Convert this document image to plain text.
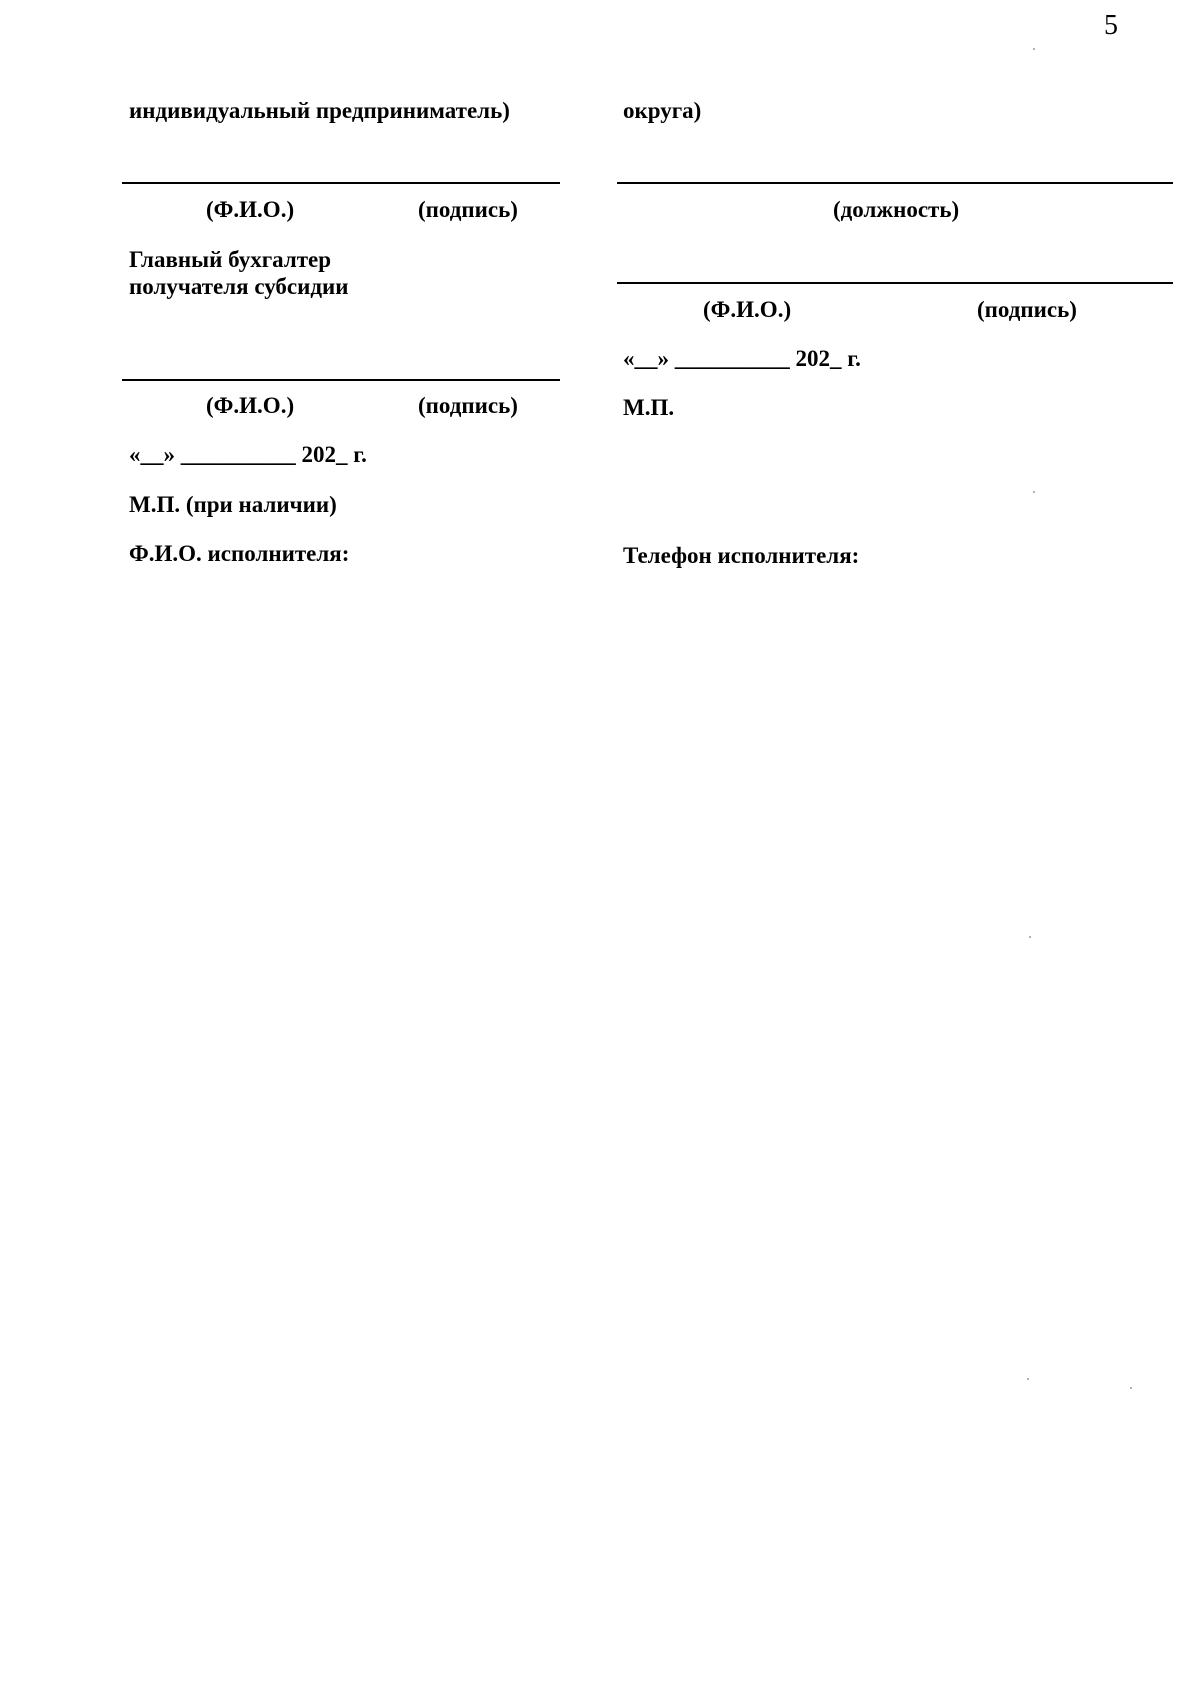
5
индивидуальный предприниматель)
(Ф.И.О.)	(подпись)
Главный бухгалтер
получателя субсидии
(Ф.И.О.)	(подпись)
«__» __________ 202_ г.
М.П. (при наличии)
Ф.И.О. исполнителя:
округа)
(должность)
(Ф.И.О.)	(подпись)
«__» __________ 202_ г.
М.П.
Телефон исполнителя:
